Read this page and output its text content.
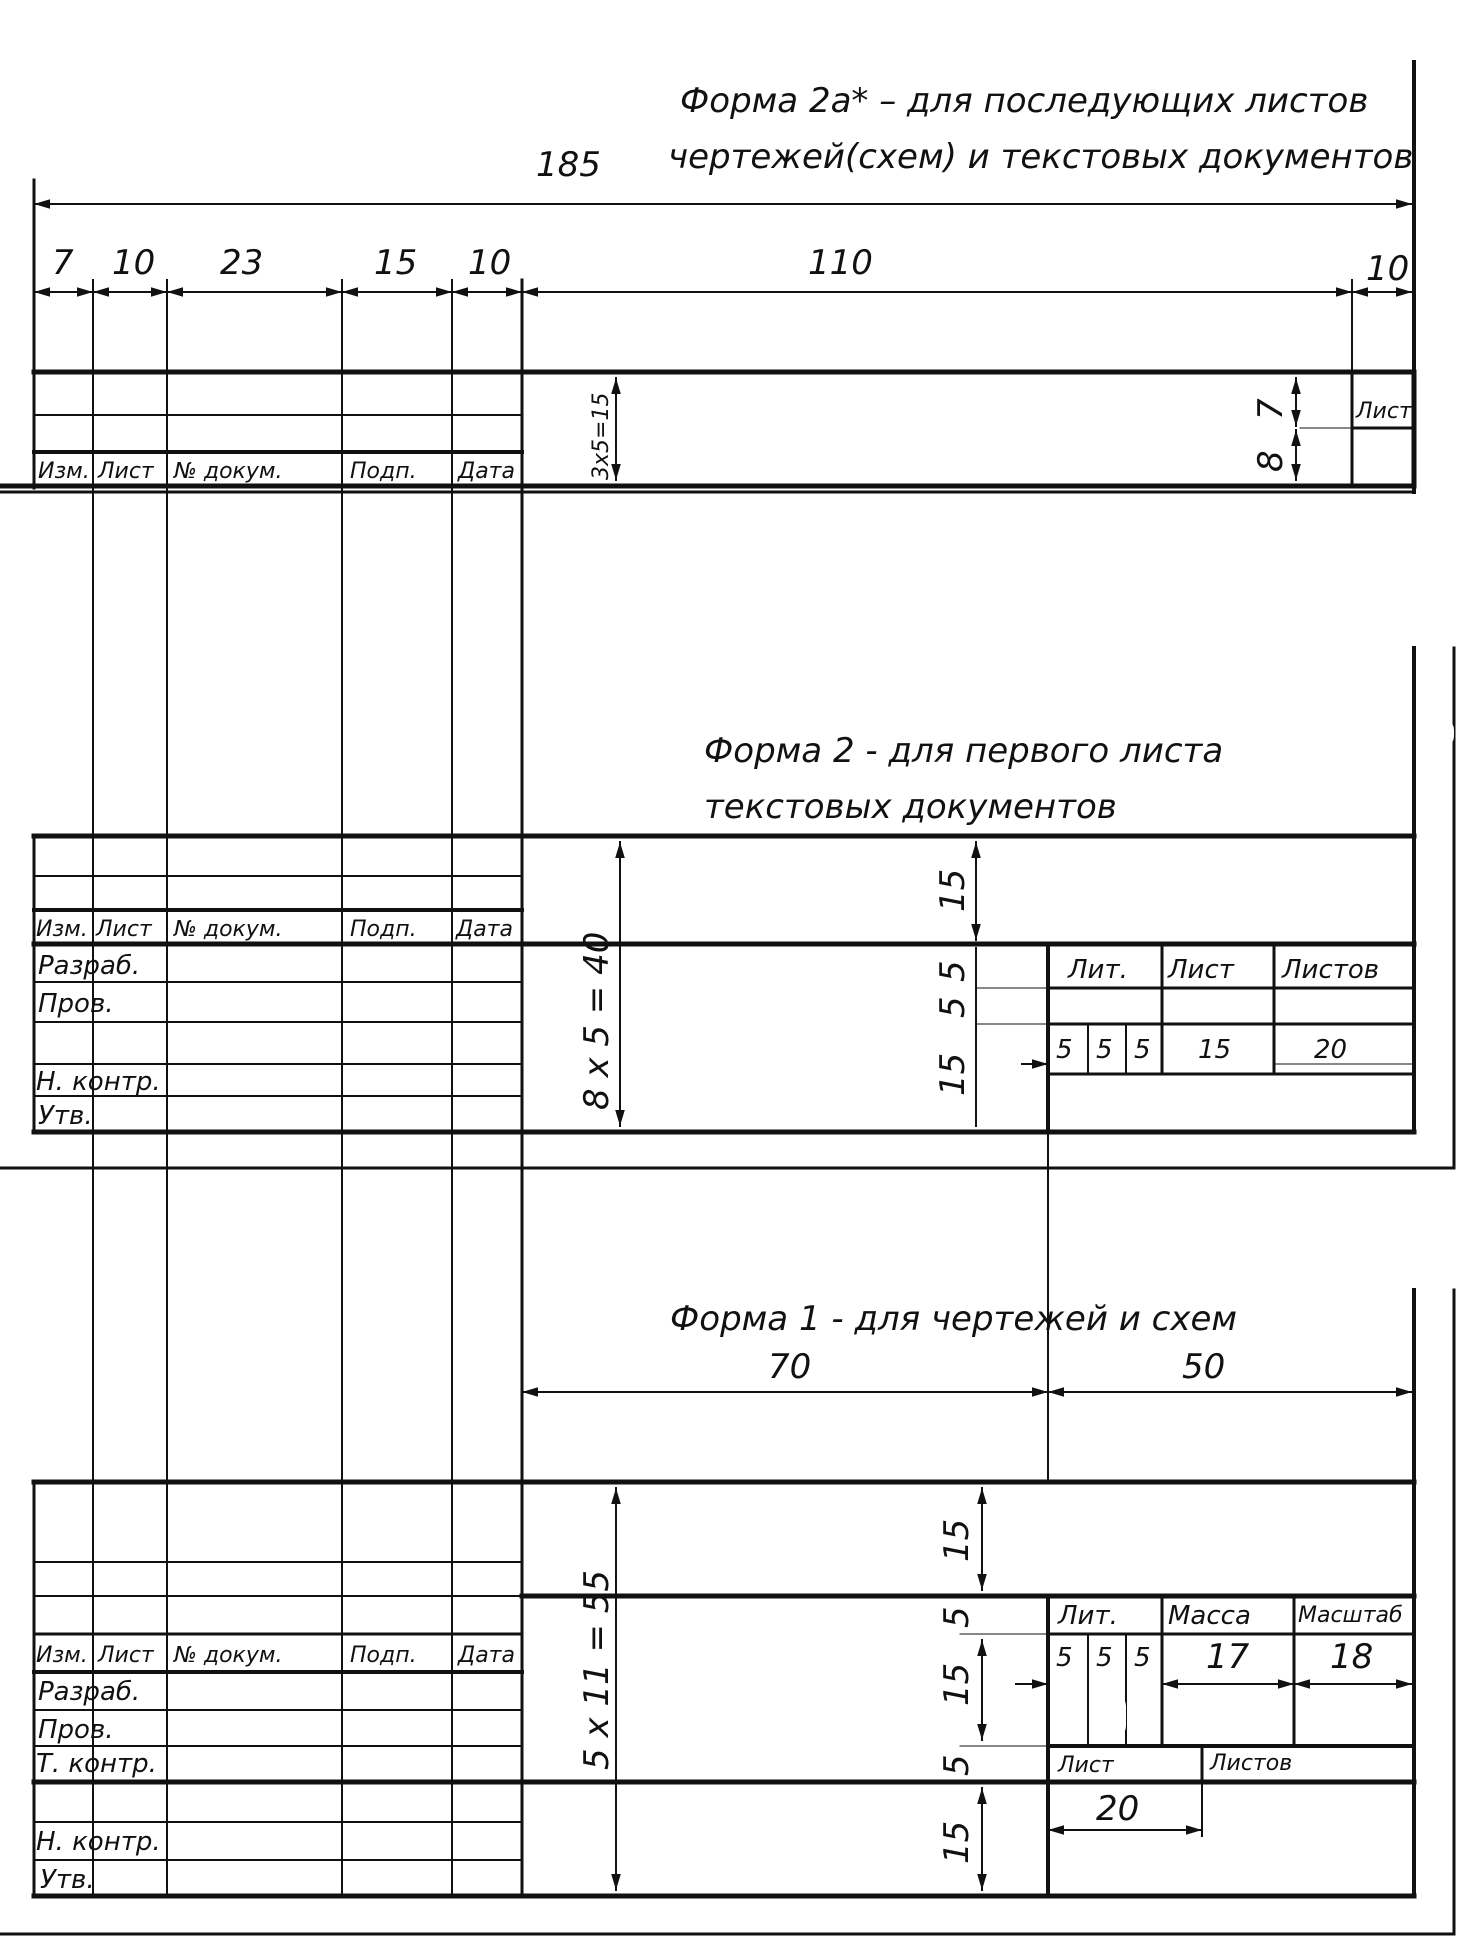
Форма 2а* – для последующих листов
чертежей(схем) и текстовых документов
185
7 10 23	15 10	110	10
Изм. Лист № докум.	Подп. Дата
Лист
3x5=15	7
8
Форма 2 - для первого листа
текстовых документов
Изм. Лист № докум.	Подп. Дата
Разраб.
Пров.
Н. контр.
Утв.
8 x 5 = 40
15
5
5
15
Лит. Лист Листов
5 5 5 15	20
Форма 1 - для чертежей и схем
70	50
Изм. Лист № докум.	Подп. Дата
Разраб.
Пров.
Т. контр.
Н. контр.
Утв.
5 x 11 = 55
15
5
15
5
15
Лит. Масса Масштаб
5 5 5 17 18
Лист	Листов
20
